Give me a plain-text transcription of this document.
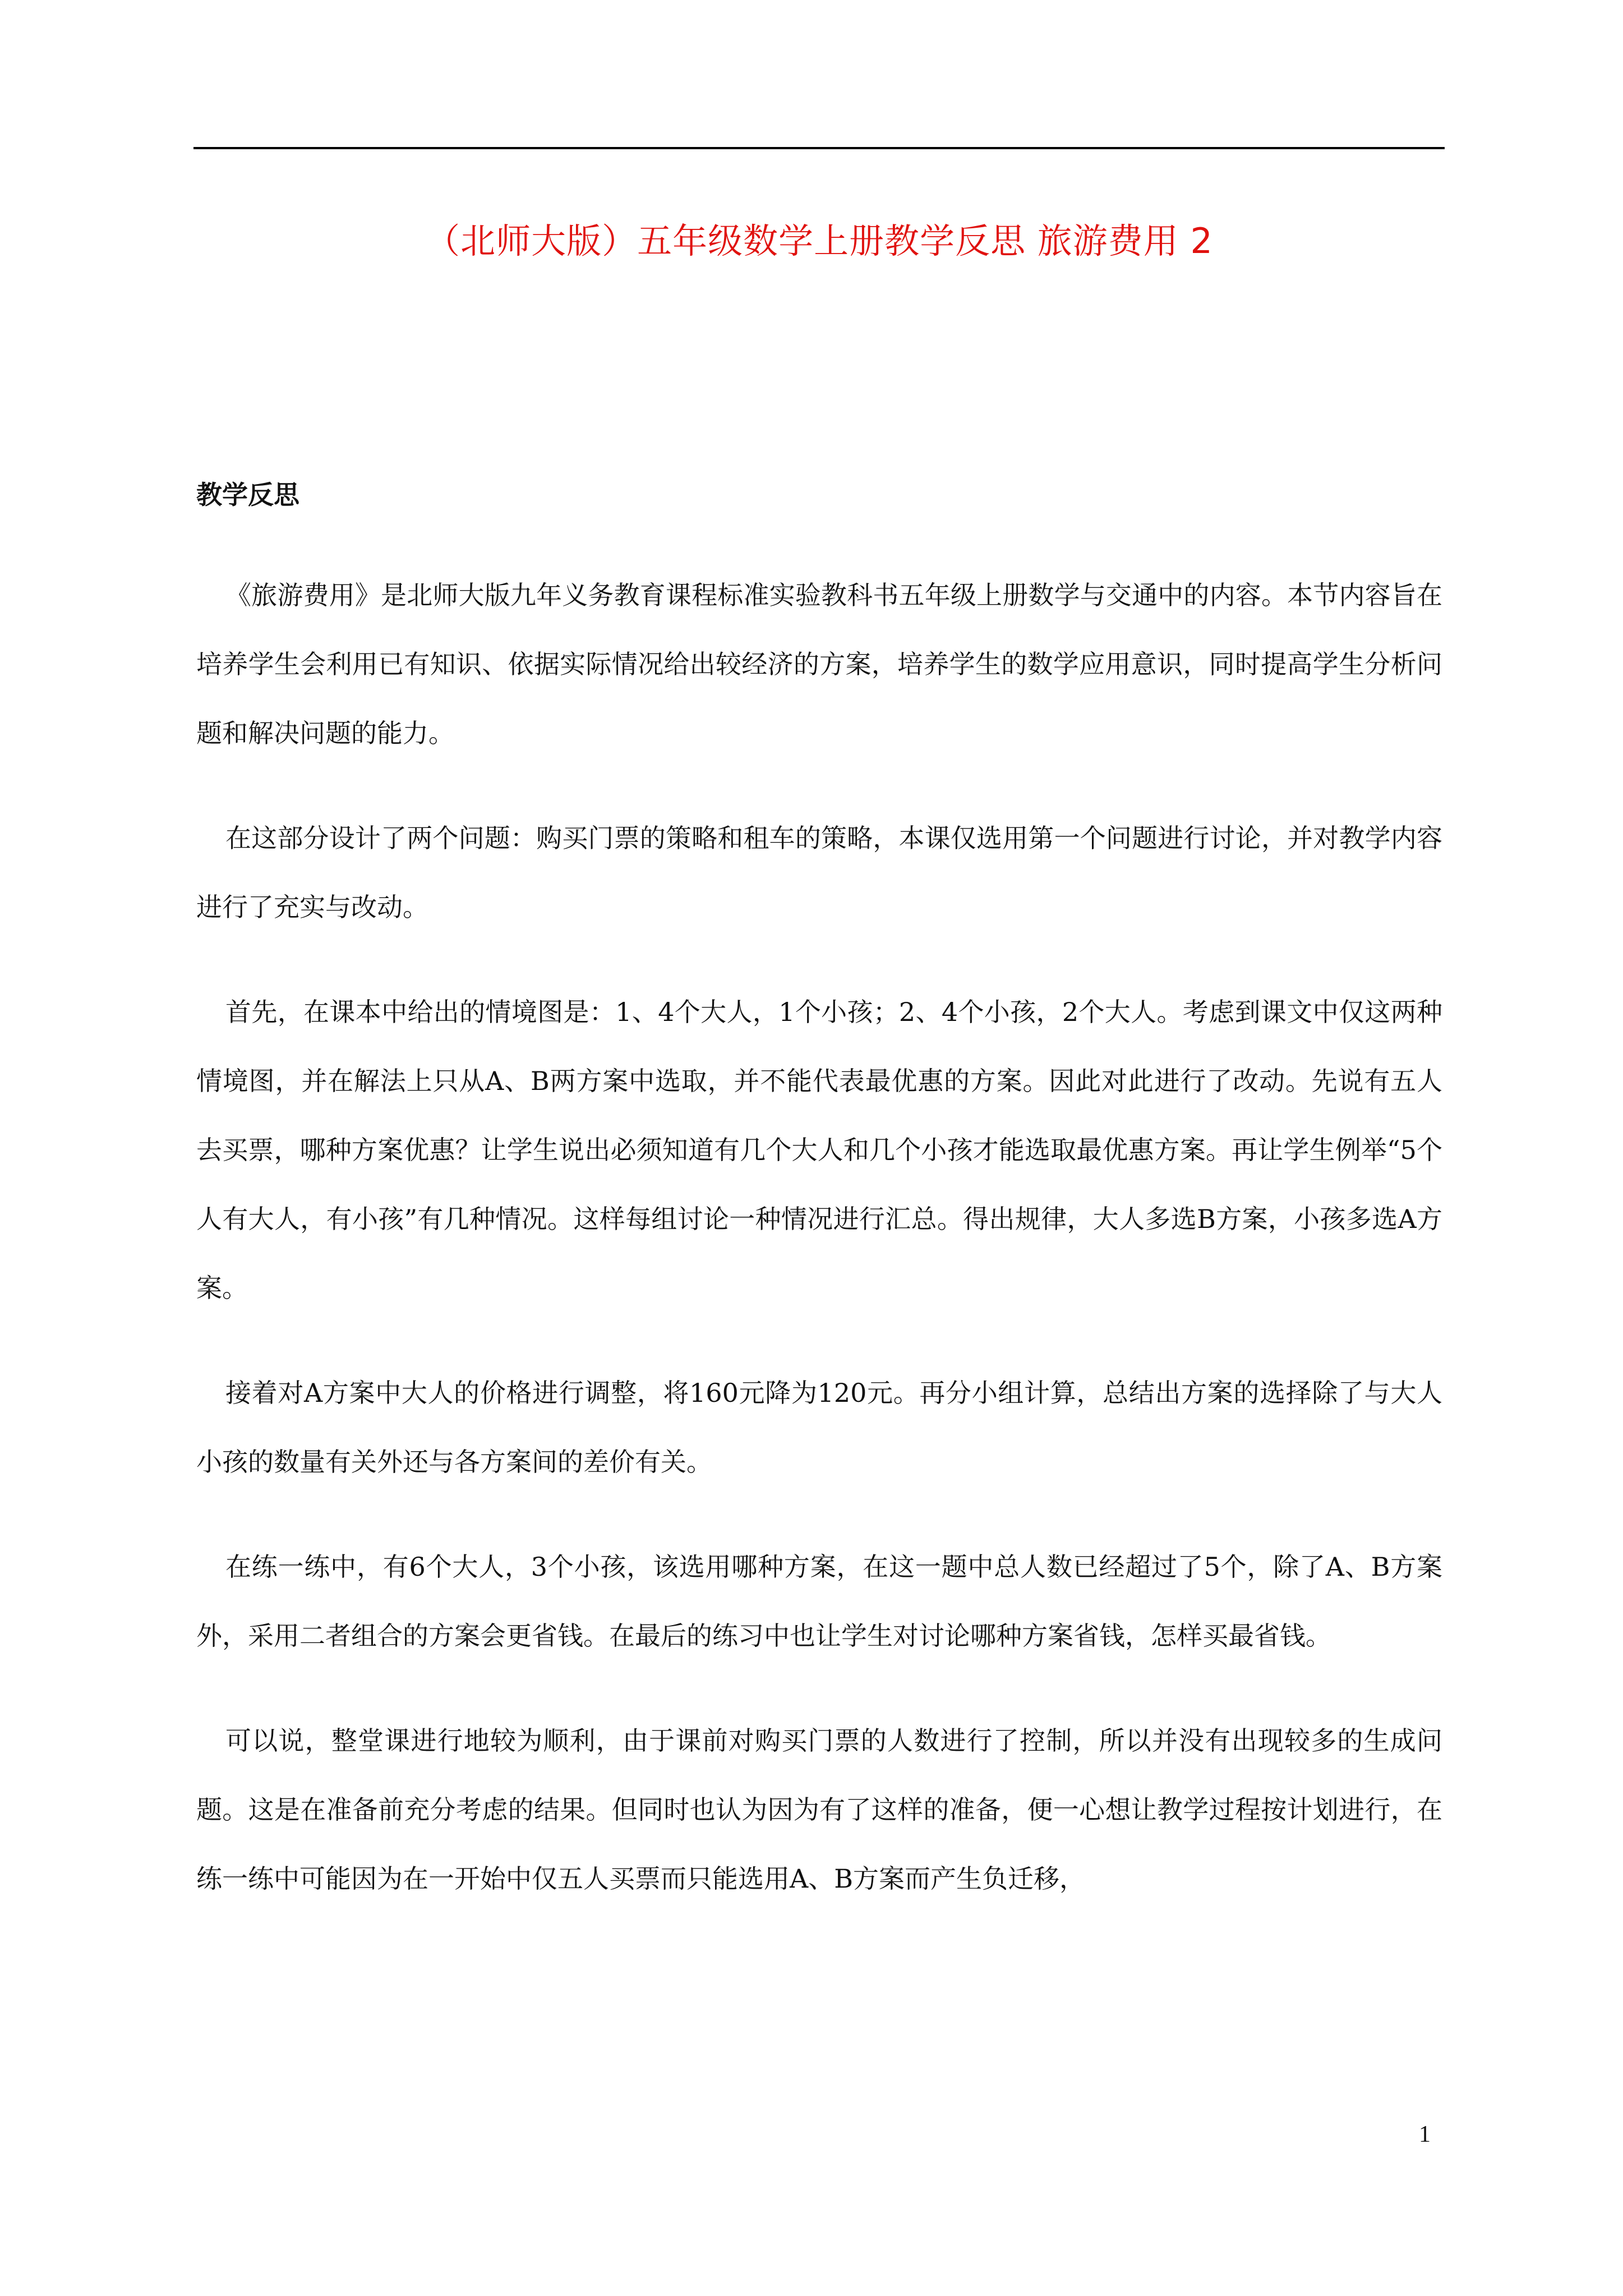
（北师大版）五年级数学上册教学反思 旅游费用 2
教学反思

《旅游费用》是北师大版九年义务教育课程标准实验教科书五年级上册数学与交通中的内容。本节内容旨在培养学生会利用已有知识、依据实际情况给出较经济的方案，培养学生的数学应用意识，同时提高学生分析问题和解决问题的能力。

在这部分设计了两个问题：购买门票的策略和租车的策略，本课仅选用第一个问题进行讨论，并对教学内容进行了充实与改动。

首先，在课本中给出的情境图是：1、4个大人，1个小孩；2、4个小孩，2个大人。考虑到课文中仅这两种情境图，并在解法上只从A、B两方案中选取，并不能代表最优惠的方案。因此对此进行了改动。先说有五人去买票，哪种方案优惠？让学生说出必须知道有几个大人和几个小孩才能选取最优惠方案。再让学生例举“5个人有大人，有小孩”有几种情况。这样每组讨论一种情况进行汇总。得出规律，大人多选B方案，小孩多选A方案。

接着对A方案中大人的价格进行调整，将160元降为120元。再分小组计算，总结出方案的选择除了与大人小孩的数量有关外还与各方案间的差价有关。

在练一练中，有6个大人，3个小孩，该选用哪种方案，在这一题中总人数已经超过了5个，除了A、B方案外，采用二者组合的方案会更省钱。在最后的练习中也让学生对讨论哪种方案省钱，怎样买最省钱。

可以说，整堂课进行地较为顺利，由于课前对购买门票的人数进行了控制，所以并没有出现较多的生成问题。这是在准备前充分考虑的结果。但同时也认为因为有了这样的准备，便一心想让教学过程按计划进行，在练一练中可能因为在一开始中仅五人买票而只能选用A、B方案而产生负迁移，

1
